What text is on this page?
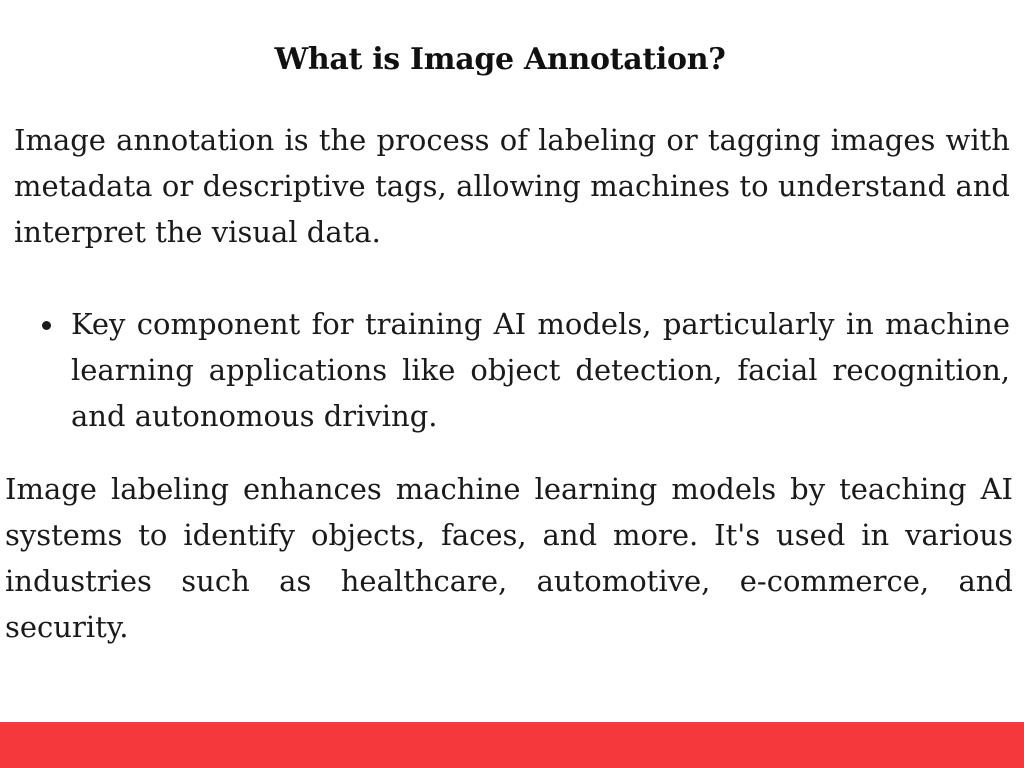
What is Image Annotation?

Image annotation is the process of labeling or tagging images with metadata or descriptive tags, allowing machines to understand and interpret the visual data.

Key component for training AI models, particularly in machine learning applications like object detection, facial recognition, and autonomous driving.

Image labeling enhances machine learning models by teaching AI systems to identify objects, faces, and more. It's used in various industries such as healthcare, automotive, e-commerce, and security.
